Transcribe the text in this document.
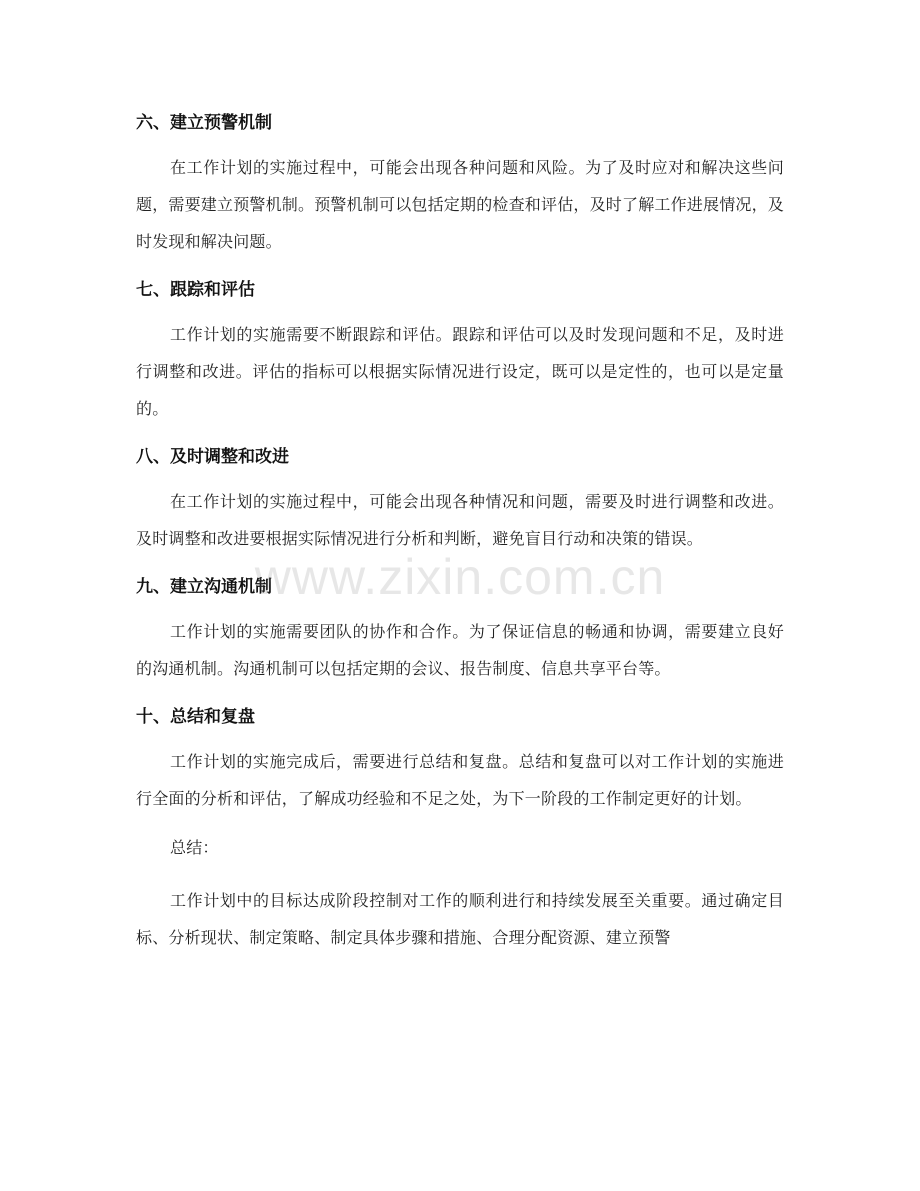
六、建立预警机制

在工作计划的实施过程中，可能会出现各种问题和风险。为了及时应对和解决这些问题，需要建立预警机制。预警机制可以包括定期的检查和评估，及时了解工作进展情况，及时发现和解决问题。

七、跟踪和评估

工作计划的实施需要不断跟踪和评估。跟踪和评估可以及时发现问题和不足，及时进行调整和改进。评估的指标可以根据实际情况进行设定，既可以是定性的，也可以是定量的。

八、及时调整和改进

在工作计划的实施过程中，可能会出现各种情况和问题，需要及时进行调整和改进。及时调整和改进要根据实际情况进行分析和判断，避免盲目行动和决策的错误。

九、建立沟通机制

工作计划的实施需要团队的协作和合作。为了保证信息的畅通和协调，需要建立良好的沟通机制。沟通机制可以包括定期的会议、报告制度、信息共享平台等。

十、总结和复盘

工作计划的实施完成后，需要进行总结和复盘。总结和复盘可以对工作计划的实施进行全面的分析和评估，了解成功经验和不足之处，为下一阶段的工作制定更好的计划。

总结：

工作计划中的目标达成阶段控制对工作的顺利进行和持续发展至关重要。通过确定目标、分析现状、制定策略、制定具体步骤和措施、合理分配资源、建立预警

www.zixin.com.cn
